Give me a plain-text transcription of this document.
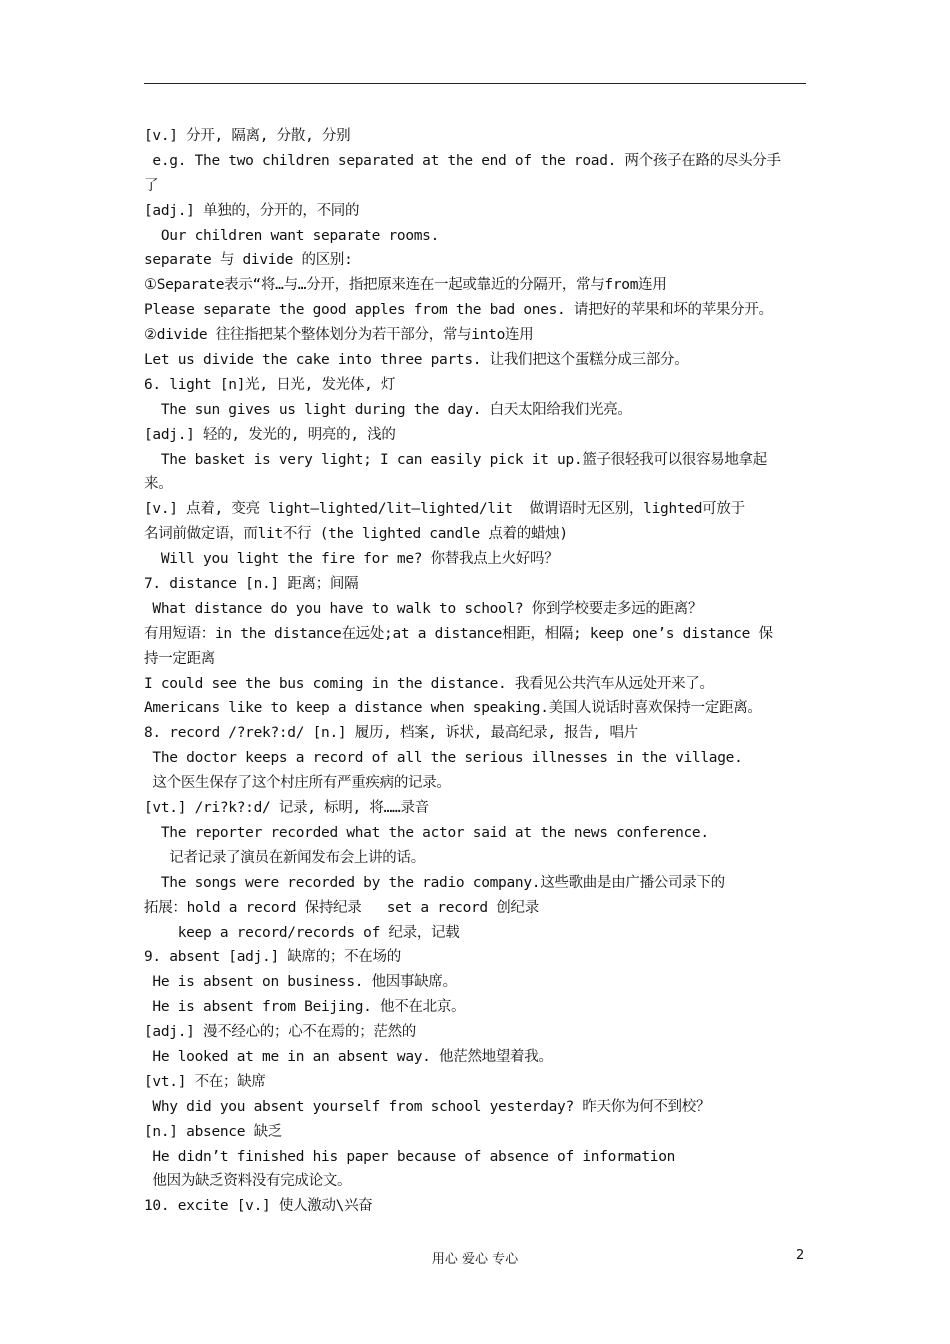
[v.] 分开, 隔离, 分散, 分别
e.g. The two children separated at the end of the road. 两个孩子在路的尽头分手
了
[adj.] 单独的，分开的，不同的
Our children want separate rooms.
separate 与 divide 的区别:
①Separate表示“将…与…分开，指把原来连在一起或靠近的分隔开，常与from连用
Please separate the good apples from the bad ones. 请把好的苹果和坏的苹果分开。
②divide 往往指把某个整体划分为若干部分，常与into连用
Let us divide the cake into three parts. 让我们把这个蛋糕分成三部分。
6. light [n]光, 日光, 发光体, 灯
The sun gives us light during the day. 白天太阳给我们光亮。
[adj.] 轻的, 发光的, 明亮的, 浅的
The basket is very light; I can easily pick it up.篮子很轻我可以很容易地拿起
来。
[v.] 点着, 变亮 light—lighted/lit—lighted/lit  做谓语时无区别，lighted可放于
名词前做定语，而lit不行 (the lighted candle 点着的蜡烛)
Will you light the fire for me? 你替我点上火好吗？
7. distance [n.] 距离；间隔
What distance do you have to walk to school? 你到学校要走多远的距离？
有用短语：in the distance在远处;at a distance相距，相隔; keep one’s distance 保
持一定距离
I could see the bus coming in the distance. 我看见公共汽车从远处开来了。
Americans like to keep a distance when speaking.美国人说话时喜欢保持一定距离。
8. record /?rek?:d/ [n.] 履历, 档案, 诉状, 最高纪录, 报告, 唱片
The doctor keeps a record of all the serious illnesses in the village.
这个医生保存了这个村庄所有严重疾病的记录。
[vt.] /ri?k?:d/ 记录, 标明, 将……录音
The reporter recorded what the actor said at the news conference.
记者记录了演员在新闻发布会上讲的话。
The songs were recorded by the radio company.这些歌曲是由广播公司录下的
拓展：hold a record 保持纪录   set a record 创纪录
keep a record/records of 纪录，记载
9. absent [adj.] 缺席的；不在场的
He is absent on business. 他因事缺席。
He is absent from Beijing. 他不在北京。
[adj.] 漫不经心的；心不在焉的；茫然的
He looked at me in an absent way. 他茫然地望着我。
[vt.] 不在；缺席
Why did you absent yourself from school yesterday? 昨天你为何不到校？
[n.] absence 缺乏
He didn’t finished his paper because of absence of information
他因为缺乏资料没有完成论文。
10. excite [v.] 使人激动\兴奋
用心 爱心 专心	2
